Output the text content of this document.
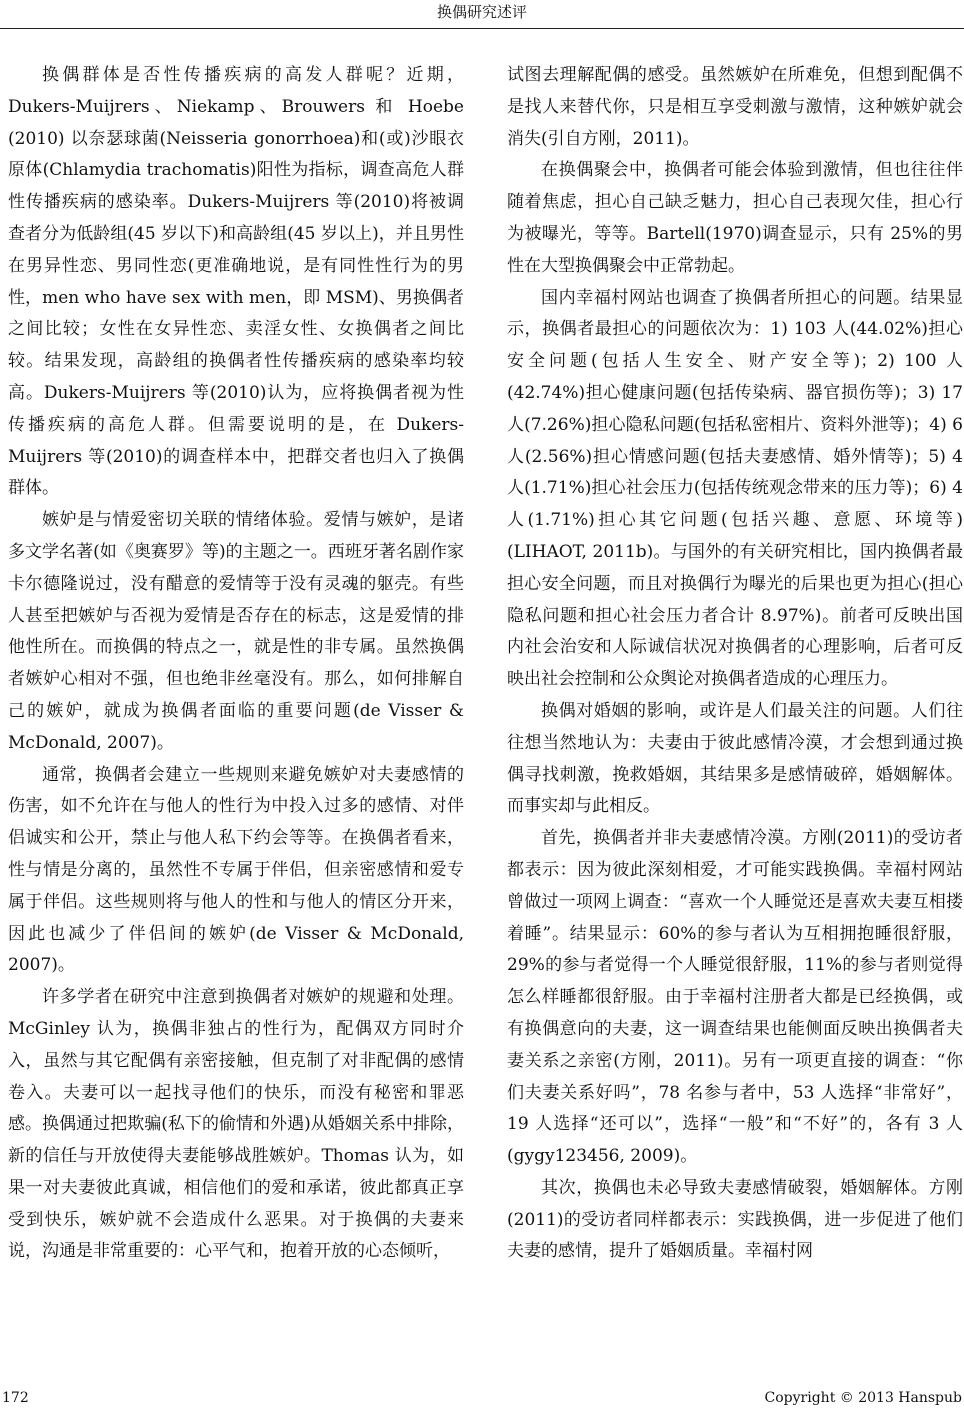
换偶研究述评

换偶群体是否性传播疾病的高发人群呢？近期，Dukers-Muijrers、Niekamp、Brouwers 和 Hoebe (2010) 以奈瑟球菌(Neisseria gonorrhoea)和(或)沙眼衣原体(Chlamydia trachomatis)阳性为指标，调查高危人群性传播疾病的感染率。Dukers-Muijrers 等(2010)将被调查者分为低龄组(45 岁以下)和高龄组(45 岁以上)，并且男性在男异性恋、男同性恋(更准确地说，是有同性性行为的男性，men who have sex with men，即 MSM)、男换偶者之间比较；女性在女异性恋、卖淫女性、女换偶者之间比较。结果发现，高龄组的换偶者性传播疾病的感染率均较高。Dukers-Muijrers 等(2010)认为，应将换偶者视为性传播疾病的高危人群。但需要说明的是，在 Dukers-Muijrers 等(2010)的调查样本中，把群交者也归入了换偶群体。

嫉妒是与情爱密切关联的情绪体验。爱情与嫉妒，是诸多文学名著(如《奥赛罗》等)的主题之一。西班牙著名剧作家卡尔德隆说过，没有醋意的爱情等于没有灵魂的躯壳。有些人甚至把嫉妒与否视为爱情是否存在的标志，这是爱情的排他性所在。而换偶的特点之一，就是性的非专属。虽然换偶者嫉妒心相对不强，但也绝非丝毫没有。那么，如何排解自己的嫉妒，就成为换偶者面临的重要问题(de Visser & McDonald, 2007)。

通常，换偶者会建立一些规则来避免嫉妒对夫妻感情的伤害，如不允许在与他人的性行为中投入过多的感情、对伴侣诚实和公开，禁止与他人私下约会等等。在换偶者看来，性与情是分离的，虽然性不专属于伴侣，但亲密感情和爱专属于伴侣。这些规则将与他人的性和与他人的情区分开来，因此也减少了伴侣间的嫉妒(de Visser & McDonald, 2007)。

许多学者在研究中注意到换偶者对嫉妒的规避和处理。McGinley 认为，换偶非独占的性行为，配偶双方同时介入，虽然与其它配偶有亲密接触，但克制了对非配偶的感情卷入。夫妻可以一起找寻他们的快乐，而没有秘密和罪恶感。换偶通过把欺骗(私下的偷情和外遇)从婚姻关系中排除，新的信任与开放使得夫妻能够战胜嫉妒。Thomas 认为，如果一对夫妻彼此真诚，相信他们的爱和承诺，彼此都真正享受到快乐，嫉妒就不会造成什么恶果。对于换偶的夫妻来说，沟通是非常重要的：心平气和，抱着开放的心态倾听，

试图去理解配偶的感受。虽然嫉妒在所难免，但想到配偶不是找人来替代你，只是相互享受刺激与激情，这种嫉妒就会消失(引自方刚，2011)。

在换偶聚会中，换偶者可能会体验到激情，但也往往伴随着焦虑，担心自己缺乏魅力，担心自己表现欠佳，担心行为被曝光，等等。Bartell(1970)调查显示，只有 25%的男性在大型换偶聚会中正常勃起。

国内幸福村网站也调查了换偶者所担心的问题。结果显示，换偶者最担心的问题依次为：1) 103 人(44.02%)担心安全问题(包括人生安全、财产安全等)；2) 100 人(42.74%)担心健康问题(包括传染病、器官损伤等)；3) 17 人(7.26%)担心隐私问题(包括私密相片、资料外泄等)；4) 6 人(2.56%)担心情感问题(包括夫妻感情、婚外情等)；5) 4 人(1.71%)担心社会压力(包括传统观念带来的压力等)；6) 4 人(1.71%)担心其它问题(包括兴趣、意愿、环境等) (LIHAOT, 2011b)。与国外的有关研究相比，国内换偶者最担心安全问题，而且对换偶行为曝光的后果也更为担心(担心隐私问题和担心社会压力者合计 8.97%)。前者可反映出国内社会治安和人际诚信状况对换偶者的心理影响，后者可反映出社会控制和公众舆论对换偶者造成的心理压力。

换偶对婚姻的影响，或许是人们最关注的问题。人们往往想当然地认为：夫妻由于彼此感情冷漠，才会想到通过换偶寻找刺激，挽救婚姻，其结果多是感情破碎，婚姻解体。而事实却与此相反。

首先，换偶者并非夫妻感情冷漠。方刚(2011)的受访者都表示：因为彼此深刻相爱，才可能实践换偶。幸福村网站曾做过一项网上调查：“喜欢一个人睡觉还是喜欢夫妻互相搂着睡”。结果显示：60%的参与者认为互相拥抱睡很舒服，29%的参与者觉得一个人睡觉很舒服，11%的参与者则觉得怎么样睡都很舒服。由于幸福村注册者大都是已经换偶，或有换偶意向的夫妻，这一调查结果也能侧面反映出换偶者夫妻关系之亲密(方刚，2011)。另有一项更直接的调查：“你们夫妻关系好吗”，78 名参与者中，53 人选择“非常好”，19 人选择“还可以”，选择“一般”和“不好”的，各有 3 人(gygy123456, 2009)。

其次，换偶也未必导致夫妻感情破裂，婚姻解体。方刚(2011)的受访者同样都表示：实践换偶，进一步促进了他们夫妻的感情，提升了婚姻质量。幸福村网

172	Copyright © 2013 Hanspub
